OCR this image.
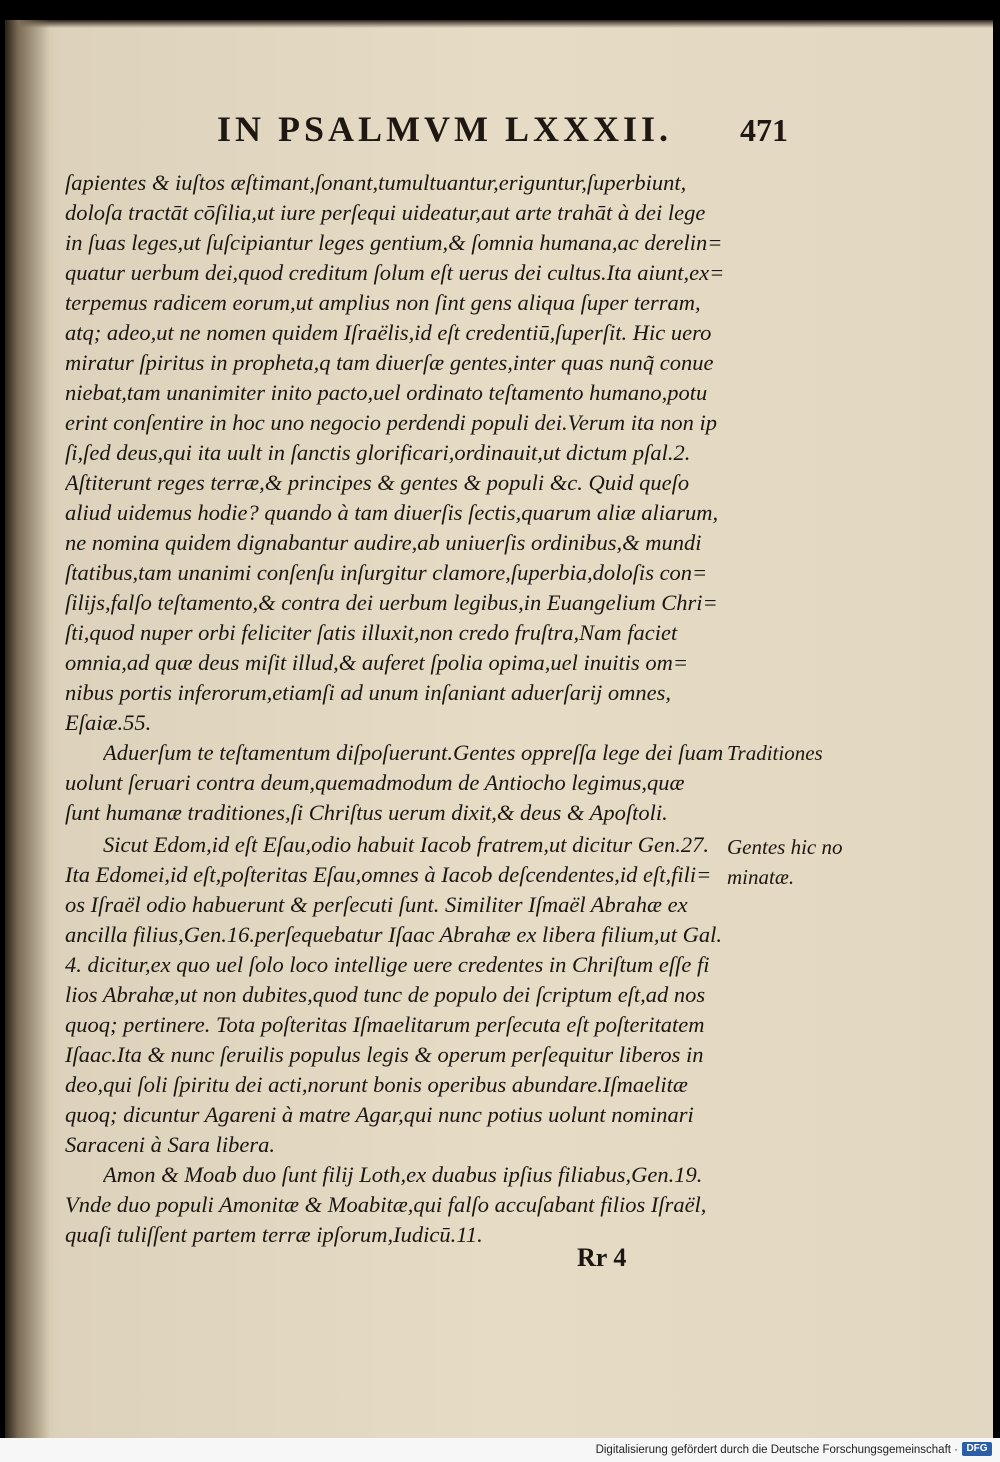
IN PSALMVM LXXXII. 471
ſapientes & iuſtos æſtimant,ſonant,tumultuantur,eriguntur,ſuperbiunt,
doloſa tractāt cōſilia,ut iure perſequi uideatur,aut arte trahāt à dei lege
in ſuas leges,ut ſuſcipiantur leges gentium,& ſomnia humana,ac derelin=
quatur uerbum dei,quod creditum ſolum eſt uerus dei cultus.Ita aiunt,ex=
terpemus radicem eorum,ut amplius non ſint gens aliqua ſuper terram,
atq; adeo,ut ne nomen quidem Iſraëlis,id eſt credentiū,ſuperſit. Hic uero
miratur ſpiritus in propheta,q tam diuerſæ gentes,inter quas nunq̃ conue
niebat,tam unanimiter inito pacto,uel ordinato teſtamento humano,potu
erint conſentire in hoc uno negocio perdendi populi dei.Verum ita non ip
ſi,ſed deus,qui ita uult in ſanctis glorificari,ordinauit,ut dictum pſal.2.
Aſtiterunt reges terræ,& principes & gentes & populi &c. Quid queſo
aliud uidemus hodie? quando à tam diuerſis ſectis,quarum aliæ aliarum,
ne nomina quidem dignabantur audire,ab uniuerſis ordinibus,& mundi
ſtatibus,tam unanimi conſenſu inſurgitur clamore,ſuperbia,doloſis con=
ſilijs,falſo teſtamento,& contra dei uerbum legibus,in Euangelium Chri=
ſti,quod nuper orbi feliciter ſatis illuxit,non credo fruſtra,Nam faciet
omnia,ad quæ deus miſit illud,& auferet ſpolia opima,uel inuitis om=
nibus portis inferorum,etiamſi ad unum inſaniant aduerſarij omnes,
Eſaiæ.55.
Aduerſum te teſtamentum diſpoſuerunt.Gentes oppreſſa lege dei ſuam
uolunt ſeruari contra deum,quemadmodum de Antiocho legimus,quæ
ſunt humanæ traditiones,ſi Chriſtus uerum dixit,& deus & Apoſtoli.
Sicut Edom,id eſt Eſau,odio habuit Iacob fratrem,ut dicitur Gen.27.
Ita Edomei,id eſt,poſteritas Eſau,omnes à Iacob deſcendentes,id eſt,fili=
os Iſraël odio habuerunt & perſecuti ſunt. Similiter Iſmaël Abrahæ ex
ancilla filius,Gen.16.perſequebatur Iſaac Abrahæ ex libera filium,ut Gal.
4. dicitur,ex quo uel ſolo loco intellige uere credentes in Chriſtum eſſe fi
lios Abrahæ,ut non dubites,quod tunc de populo dei ſcriptum eſt,ad nos
quoq; pertinere. Tota poſteritas Iſmaelitarum perſecuta eſt poſteritatem
Iſaac.Ita & nunc ſeruilis populus legis & operum perſequitur liberos in
deo,qui ſoli ſpiritu dei acti,norunt bonis operibus abundare.Iſmaelitæ
quoq; dicuntur Agareni à matre Agar,qui nunc potius uolunt nominari
Saraceni à Sara libera.
Amon & Moab duo ſunt filij Loth,ex duabus ipſius filiabus,Gen.19.
Vnde duo populi Amonitæ & Moabitæ,qui falſo accuſabant filios Iſraël,
quaſi tuliſſent partem terræ ipſorum,Iudicū.11.
Traditiones
Gentes hic no
minatæ.
Rr 4
Digitalisierung gefördert durch die Deutsche Forschungsgemeinschaft · DFG
